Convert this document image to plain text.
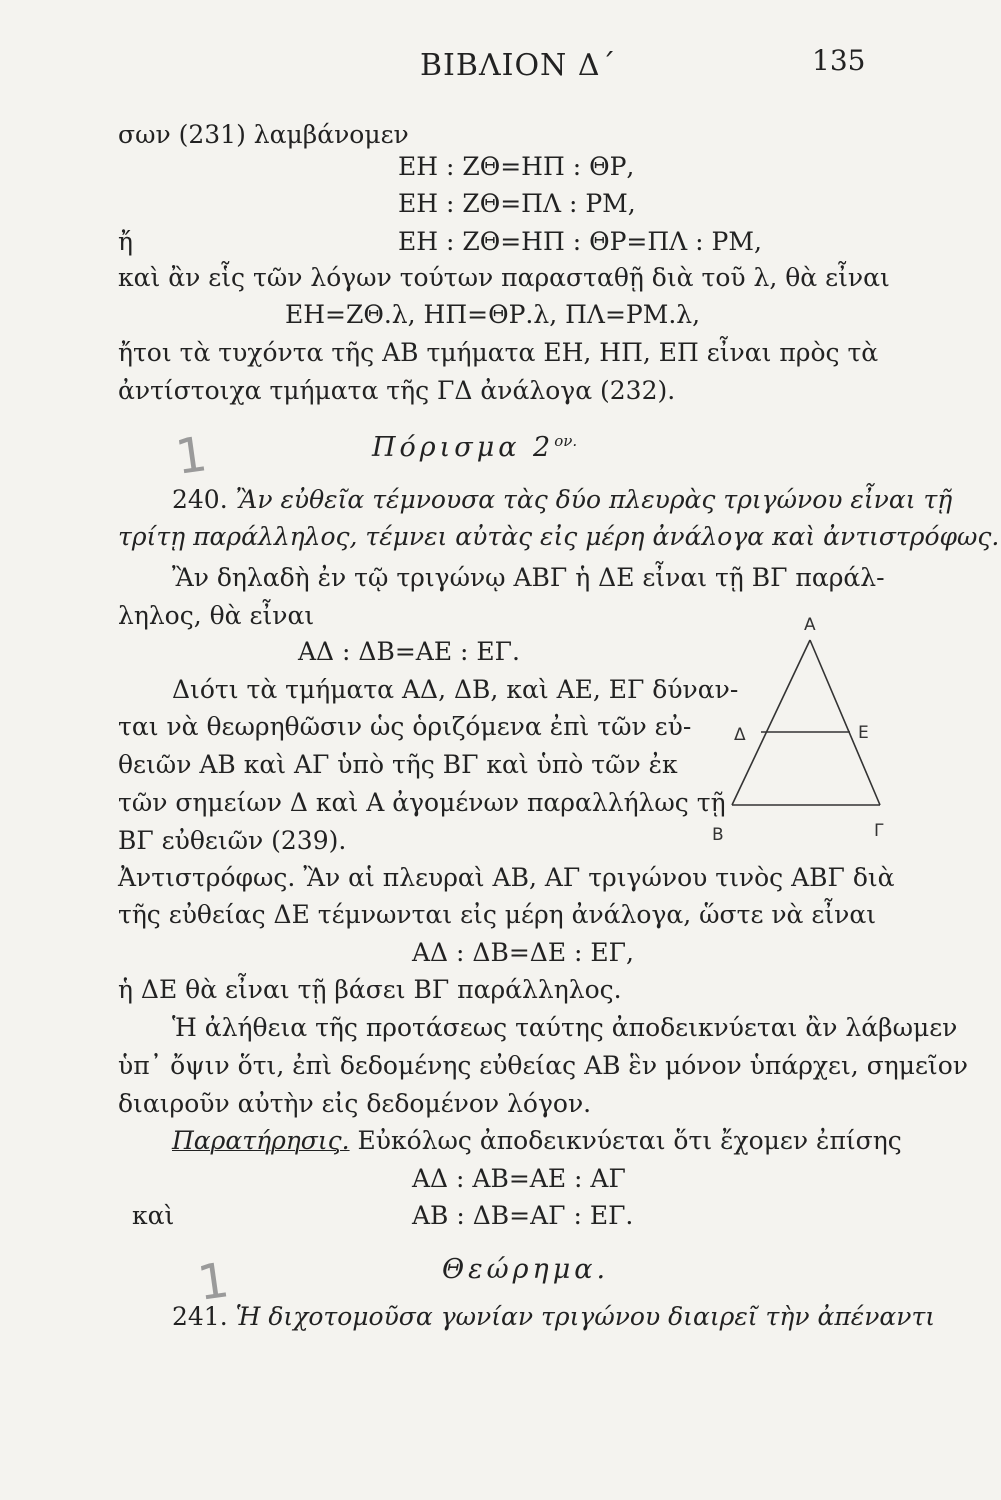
ΒΙΒΛΙΟΝ Δ΄	135
σων (231) λαμβάνομεν
ΕΗ : ΖΘ=ΗΠ : ΘΡ,
ΕΗ : ΖΘ=ΠΛ : ΡΜ,
ἤ	ΕΗ : ΖΘ=ΗΠ : ΘΡ=ΠΛ : ΡΜ,
καὶ ἂν εἷς τῶν λόγων τούτων παρασταθῇ διὰ τοῦ λ, θὰ εἶναι
ΕΗ=ΖΘ.λ, ΗΠ=ΘΡ.λ, ΠΛ=ΡΜ.λ,
ἤτοι τὰ τυχόντα τῆς ΑΒ τμήματα ΕΗ, ΗΠ, ΕΠ εἶναι πρὸς τὰ
ἀντίστοιχα τμήματα τῆς ΓΔ ἀνάλογα (232).
1	Πόρισμα $2^{o\nu.}$
240. Ἂν εὐθεῖα τέμνουσα τὰς δύο πλευρὰς τριγώνου εἶναι τῇ
τρίτῃ παράλληλος, τέμνει αὐτὰς εἰς μέρη ἀνάλογα καὶ ἀντιστρόφως.
Ἂν δηλαδὴ ἐν τῷ τριγώνῳ ΑΒΓ ἡ ΔΕ εἶναι τῇ ΒΓ παράλ-
ληλος, θὰ εἶναι
ΑΔ : ΔΒ=ΑΕ : ΕΓ.
Διότι τὰ τμήματα ΑΔ, ΔΒ, καὶ ΑΕ, ΕΓ δύναν-
ται νὰ θεωρηθῶσιν ὡς ὁριζόμενα ἐπὶ τῶν εὐ-
θειῶν ΑΒ καὶ ΑΓ ὑπὸ τῆς ΒΓ καὶ ὑπὸ τῶν ἐκ
τῶν σημείων Δ καὶ Α ἀγομένων παραλλήλως τῇ
ΒΓ εὐθειῶν (239).
Α
Δ	Ε
Β	Γ
Ἀντιστρόφως. Ἂν αἱ πλευραὶ ΑΒ, ΑΓ τριγώνου τινὸς ΑΒΓ διὰ
τῆς εὐθείας ΔΕ τέμνωνται εἰς μέρη ἀνάλογα, ὥστε νὰ εἶναι
ΑΔ : ΔΒ=ΔΕ : ΕΓ,
ἡ ΔΕ θὰ εἶναι τῇ βάσει ΒΓ παράλληλος.
Ἡ ἀλήθεια τῆς προτάσεως ταύτης ἀποδεικνύεται ἂν λάβωμεν
ὑπ᾽ ὄψιν ὅτι, ἐπὶ δεδομένης εὐθείας ΑΒ ἓν μόνον ὑπάρχει, σημεῖον
διαιροῦν αὐτὴν εἰς δεδομένον λόγον.
Παρατήρησις. Εὐκόλως ἀποδεικνύεται ὅτι ἔχομεν ἐπίσης
ΑΔ : ΑΒ=ΑΕ : ΑΓ
καὶ	ΑΒ : ΔΒ=ΑΓ : ΕΓ.
1	Θεώρημα.
241. Ἡ διχοτομοῦσα γωνίαν τριγώνου διαιρεῖ τὴν ἀπέναντι
